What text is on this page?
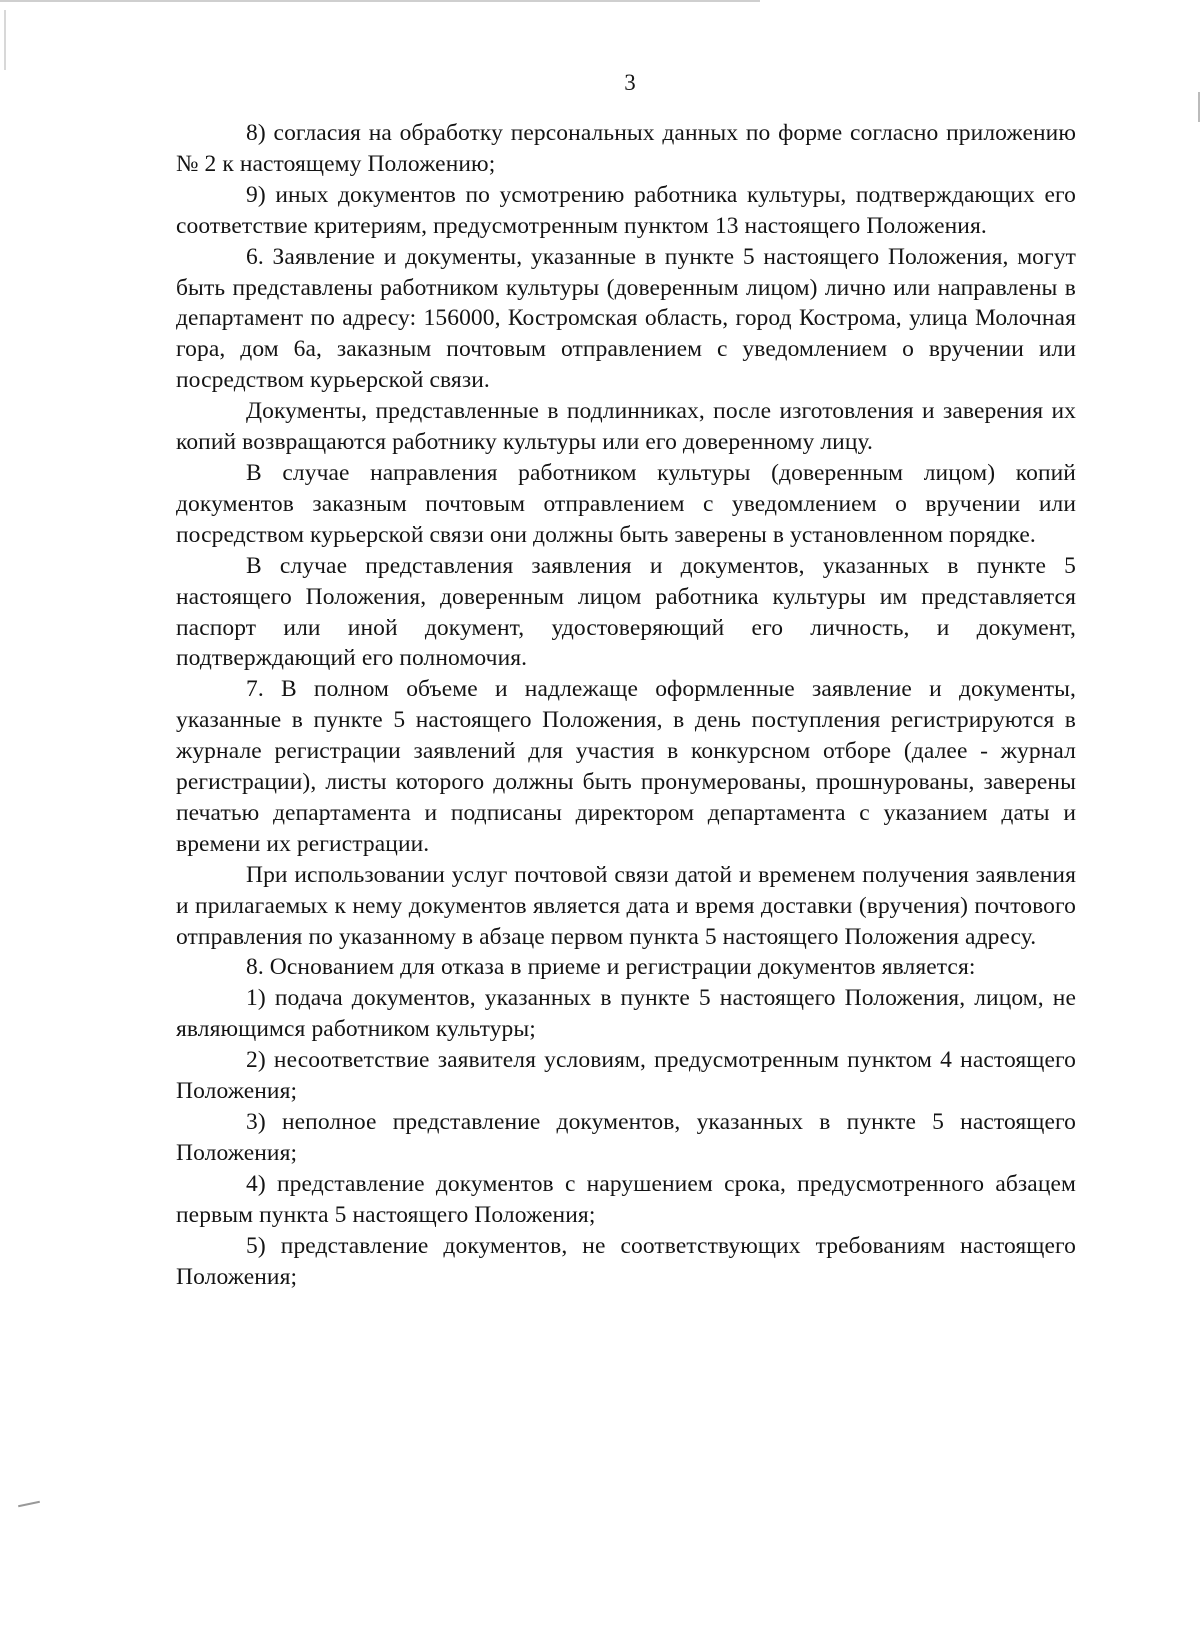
3

8) согласия на обработку персональных данных по форме согласно приложению № 2 к настоящему Положению;

9) иных документов по усмотрению работника культуры, подтверждающих его соответствие критериям, предусмотренным пунктом 13 настоящего Положения.

6. Заявление и документы, указанные в пункте 5 настоящего Положения, могут быть представлены работником культуры (доверенным лицом) лично или направлены в департамент по адресу: 156000, Костромская область, город Кострома, улица Молочная гора, дом 6а, заказным почтовым отправлением с уведомлением о вручении или посредством курьерской связи.

Документы, представленные в подлинниках, после изготовления и заверения их копий возвращаются работнику культуры или его доверенному лицу.

В случае направления работником культуры (доверенным лицом) копий документов заказным почтовым отправлением с уведомлением о вручении или посредством курьерской связи они должны быть заверены в установленном порядке.

В случае представления заявления и документов, указанных в пункте 5 настоящего Положения, доверенным лицом работника культуры им представляется паспорт или иной документ, удостоверяющий его личность, и документ, подтверждающий его полномочия.

7. В полном объеме и надлежаще оформленные заявление и документы, указанные в пункте 5 настоящего Положения, в день поступления регистрируются в журнале регистрации заявлений для участия в конкурсном отборе (далее - журнал регистрации), листы которого должны быть пронумерованы, прошнурованы, заверены печатью департамента и подписаны директором департамента с указанием даты и времени их регистрации.

При использовании услуг почтовой связи датой и временем получения заявления и прилагаемых к нему документов является дата и время доставки (вручения) почтового отправления по указанному в абзаце первом пункта 5 настоящего Положения адресу.

8. Основанием для отказа в приеме и регистрации документов является:

1) подача документов, указанных в пункте 5 настоящего Положения, лицом, не являющимся работником культуры;

2) несоответствие заявителя условиям, предусмотренным пунктом 4 настоящего Положения;

3) неполное представление документов, указанных в пункте 5 настоящего Положения;

4) представление документов с нарушением срока, предусмотренного абзацем первым пункта 5 настоящего Положения;

5) представление документов, не соответствующих требованиям настоящего Положения;
